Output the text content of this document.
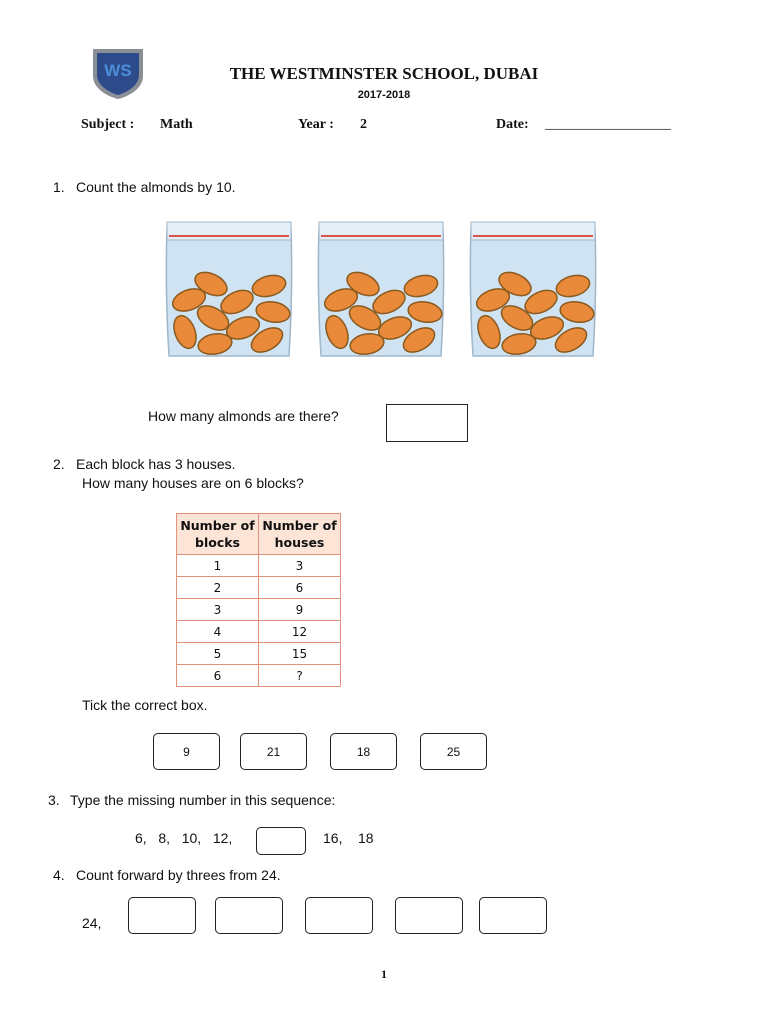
WS	THE WESTMINSTER SCHOOL, DUBAI
2017-2018
Subject : Math	Year : 2	Date: __________________
1. Count the almonds by 10.
How many almonds are there?
2. Each block has 3 houses.
How many houses are on 6 blocks?
Number of blocks	Number of houses
1	3
2	6
3	9
4	12
5	15
6	?
Tick the correct box.
9	21	18	25
3. Type the missing number in this sequence:
6,   8,   10,   12,	16,    18
4. Count forward by threes from 24.
24,
1
